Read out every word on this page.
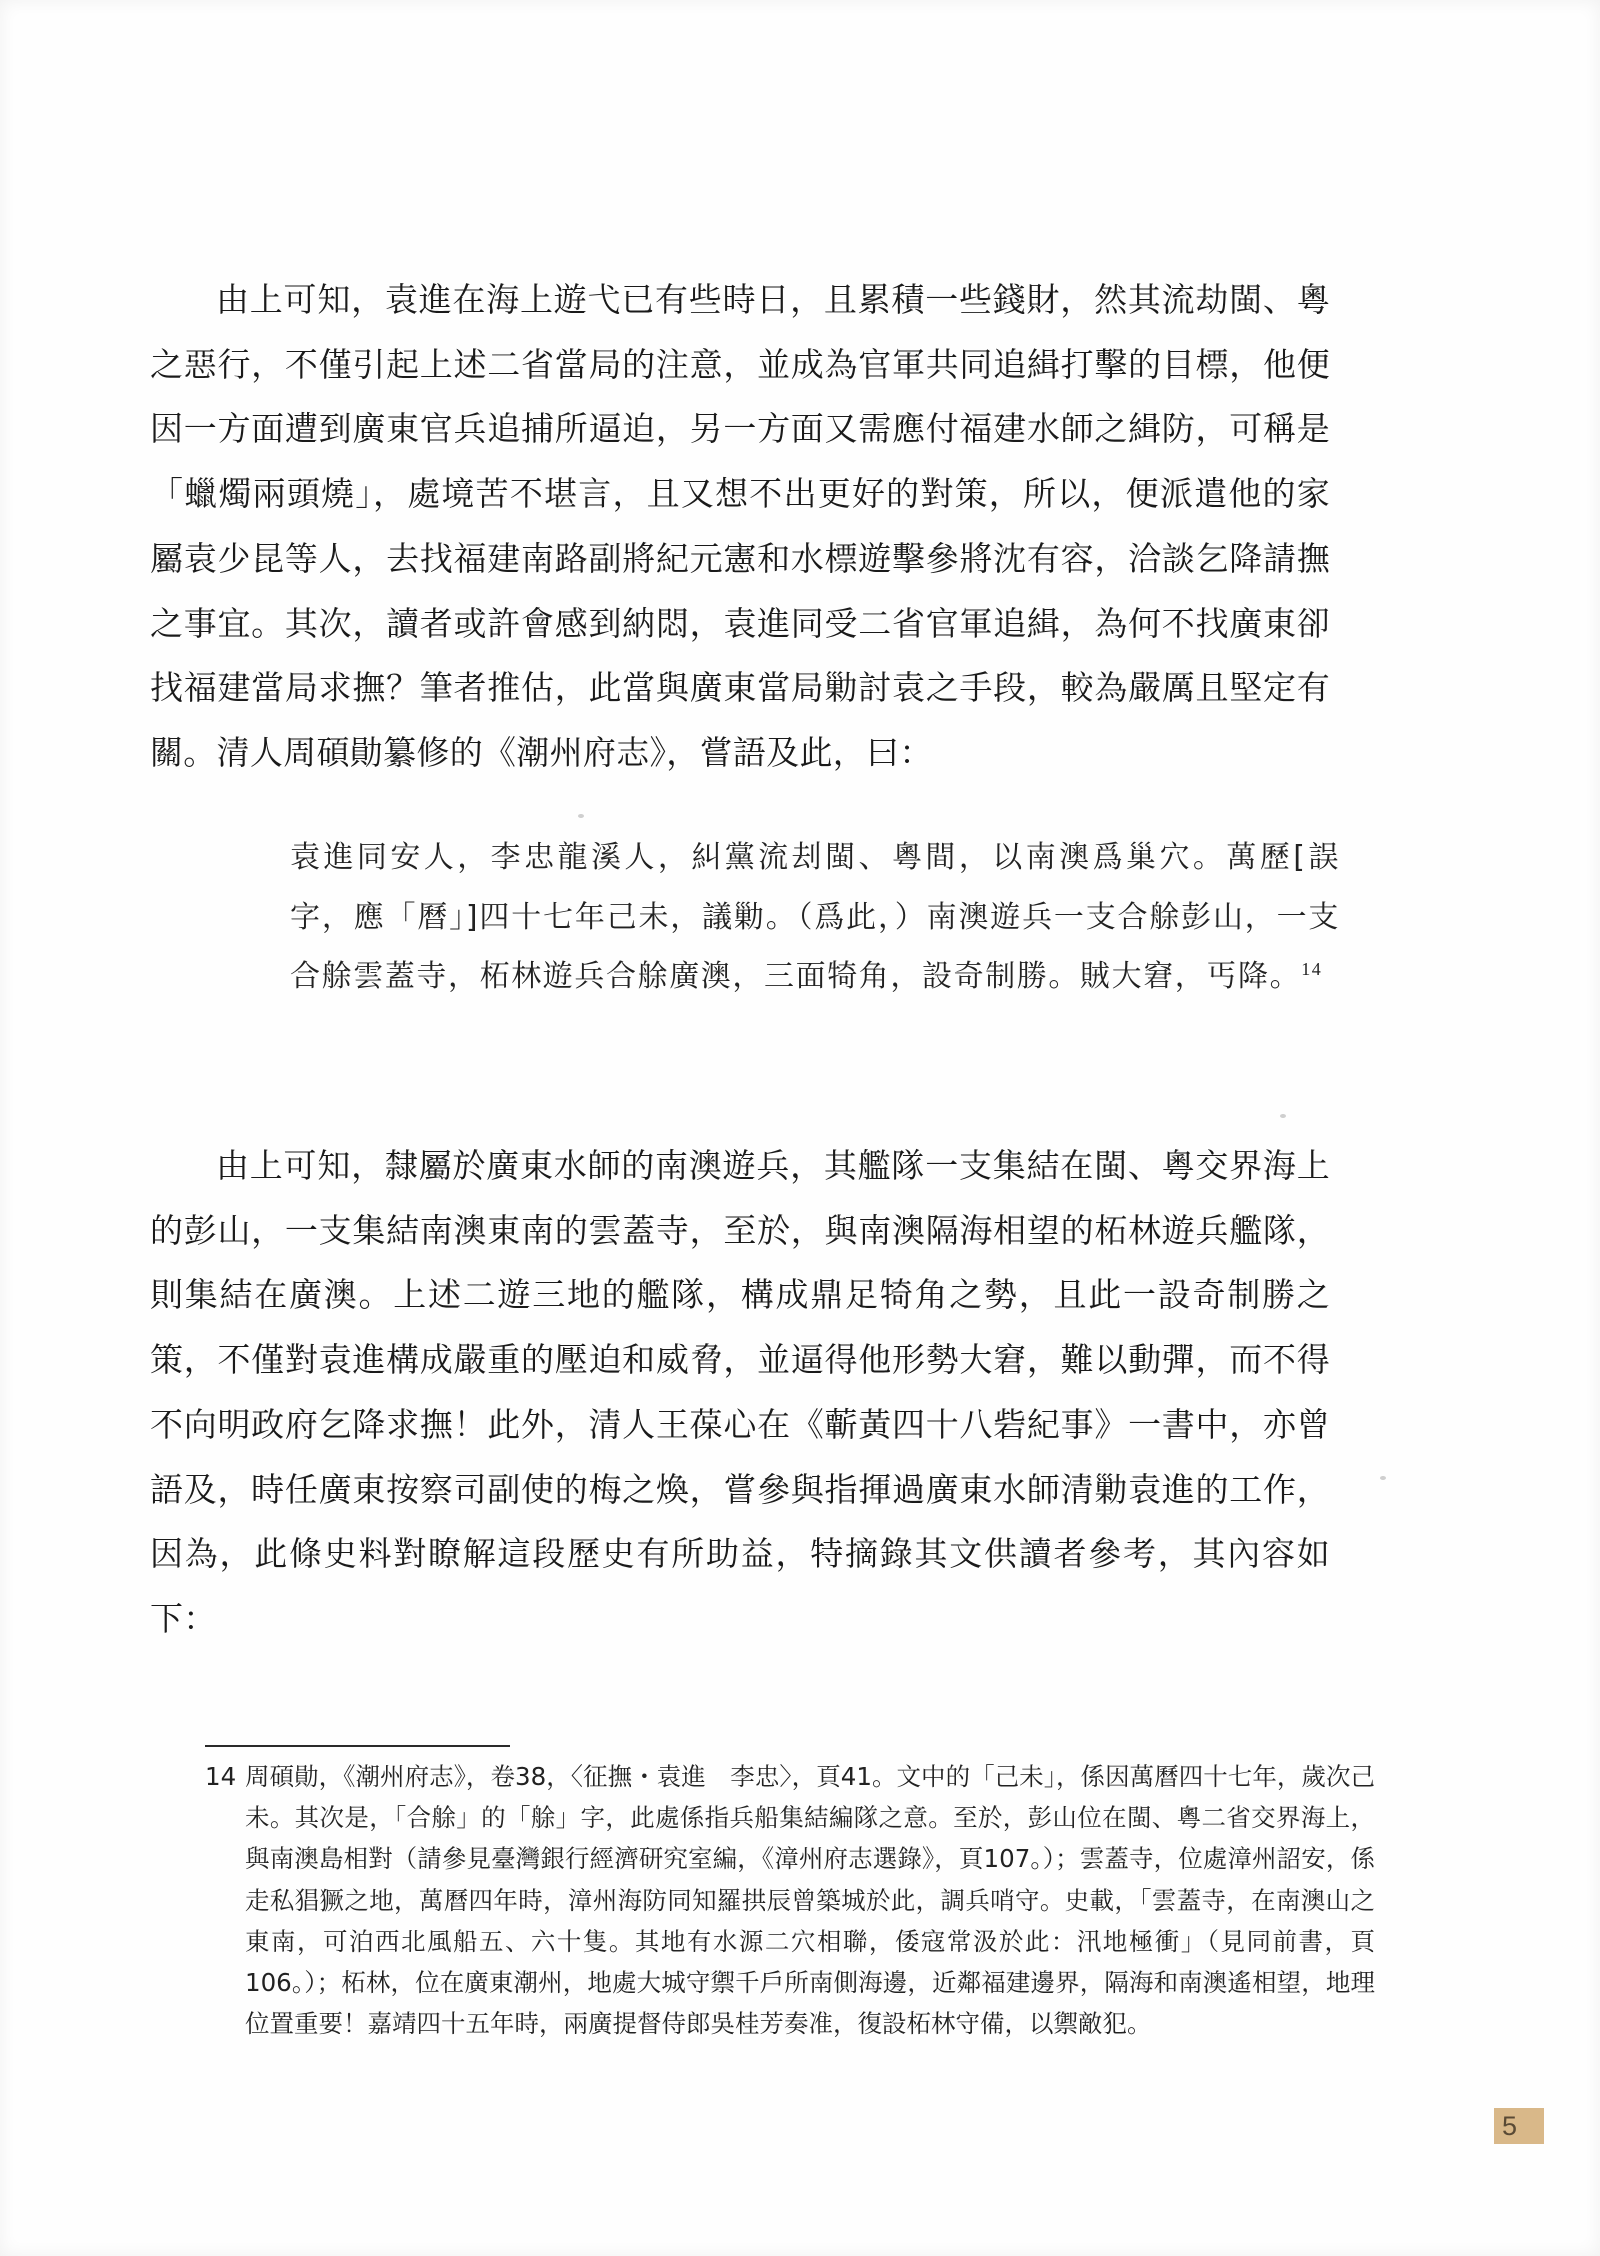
由上可知，袁進在海上遊弋已有些時日，且累積一些錢財，然其流劫閩、粵之惡行，不僅引起上述二省當局的注意，並成為官軍共同追緝打擊的目標，他便因一方面遭到廣東官兵追捕所逼迫，另一方面又需應付福建水師之緝防，可稱是「蠟燭兩頭燒」，處境苦不堪言，且又想不出更好的對策，所以，便派遣他的家屬袁少昆等人，去找福建南路副將紀元憲和水標遊擊參將沈有容，洽談乞降請撫之事宜。其次，讀者或許會感到納悶，袁進同受二省官軍追緝，為何不找廣東卻找福建當局求撫？筆者推估，此當與廣東當局勦討袁之手段，較為嚴厲且堅定有關。清人周碩勛纂修的《潮州府志》，嘗語及此，曰：

袁進同安人，李忠龍溪人，糾黨流刦閩、粵間，以南澳爲巢穴。萬歷[誤字，應「曆」]四十七年己未，議勦。（爲此，）南澳遊兵一支合艅彭山，一支合艅雲蓋寺，柘林遊兵合艅廣澳，三面犄角，設奇制勝。賊大窘，丐降。$^{14}$

由上可知，隸屬於廣東水師的南澳遊兵，其艦隊一支集結在閩、粵交界海上的彭山，一支集結南澳東南的雲蓋寺，至於，與南澳隔海相望的柘林遊兵艦隊，則集結在廣澳。上述二遊三地的艦隊，構成鼎足犄角之勢，且此一設奇制勝之策，不僅對袁進構成嚴重的壓迫和威脅，並逼得他形勢大窘，難以動彈，而不得不向明政府乞降求撫！此外，清人王葆心在《蘄黃四十八砦紀事》一書中，亦曾語及，時任廣東按察司副使的梅之煥，嘗參與指揮過廣東水師清勦袁進的工作，因為，此條史料對瞭解這段歷史有所助益，特摘錄其文供讀者參考，其內容如下：

14 周碩勛，《潮州府志》，卷38，〈征撫・袁進　李忠〉，頁41。文中的「己未」，係因萬曆四十七年，歲次己未。其次是，「合艅」的「艅」字，此處係指兵船集結編隊之意。至於，彭山位在閩、粵二省交界海上，與南澳島相對（請參見臺灣銀行經濟研究室編，《漳州府志選錄》，頁107。）；雲蓋寺，位處漳州詔安，係走私猖獗之地，萬曆四年時，漳州海防同知羅拱辰曾築城於此，調兵哨守。史載，「雲蓋寺，在南澳山之東南，可泊西北風船五、六十隻。其地有水源二穴相聯，倭寇常汲於此：汛地極衝」（見同前書，頁106。）；柘林，位在廣東潮州，地處大城守禦千戶所南側海邊，近鄰福建邊界，隔海和南澳遙相望，地理位置重要！嘉靖四十五年時，兩廣提督侍郎吳桂芳奏准，復設柘林守備，以禦敵犯。

5
